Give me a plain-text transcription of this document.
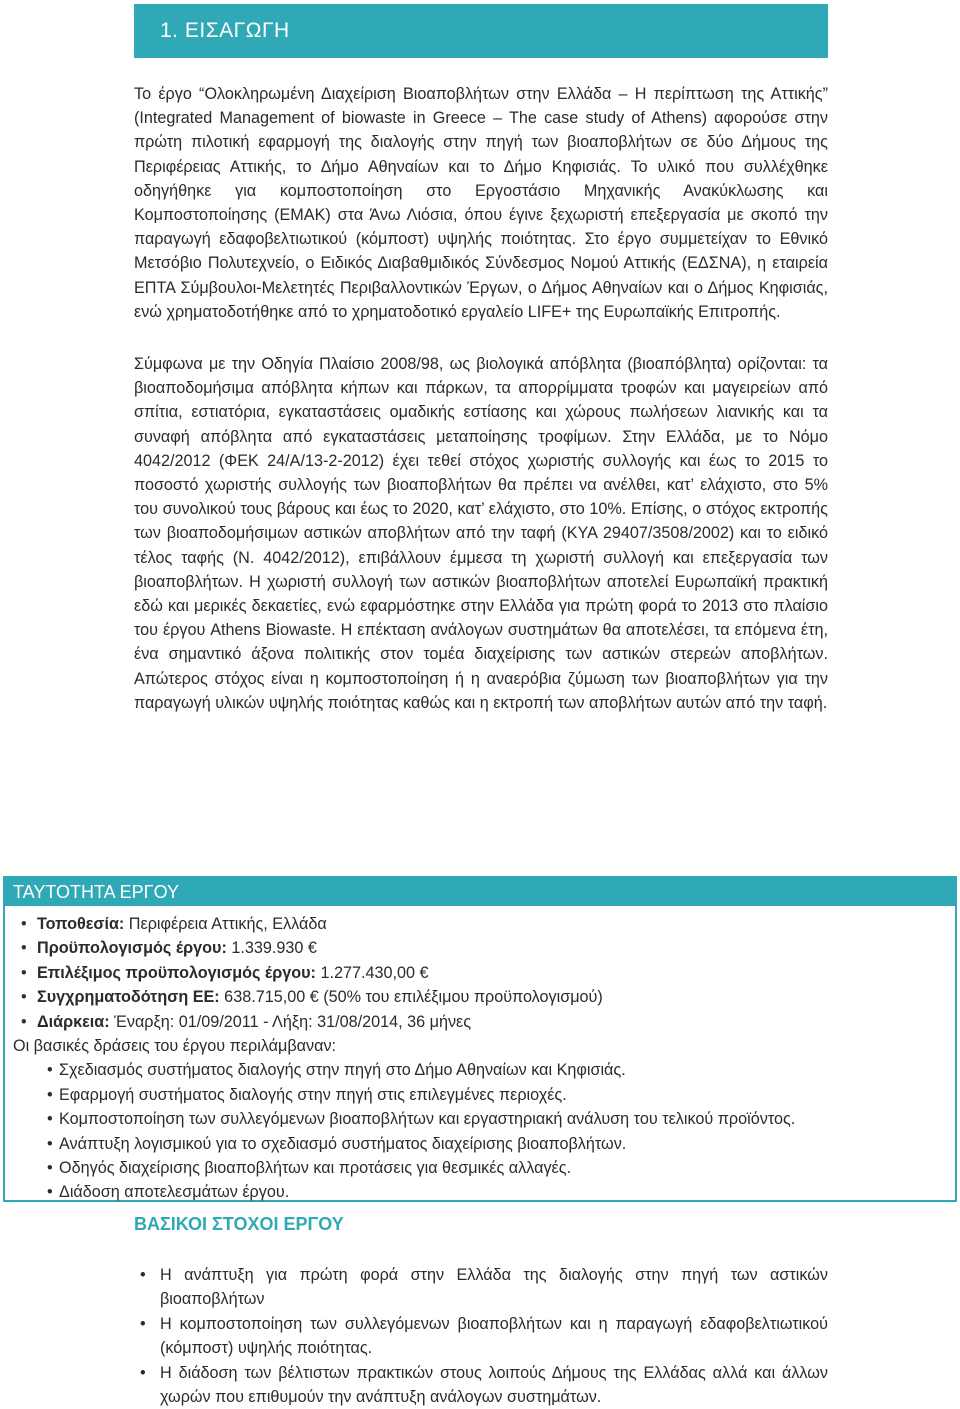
1. ΕΙΣΑΓΩΓΗ

Το έργο “Ολοκληρωμένη Διαχείριση Βιοαποβλήτων στην Ελλάδα – Η περίπτωση της Αττικής” (Integrated Management of biowaste in Greece – The case study of Athens) αφορούσε στην πρώτη πιλοτική εφαρμογή της διαλογής στην πηγή των βιοαποβλήτων σε δύο Δήμους της Περιφέρειας Αττικής, το Δήμο Αθηναίων και το Δήμο Κηφισιάς. Το υλικό που συλλέχθηκε οδηγήθηκε για κομποστοποίηση στο Εργοστάσιο Μηχανικής Ανακύκλωσης και Κομποστοποίησης (ΕΜΑΚ) στα Άνω Λιόσια, όπου έγινε ξεχωριστή επεξεργασία με σκοπό την παραγωγή εδαφοβελτιωτικού (κόμποστ) υψηλής ποιότητας. Στο έργο συμμετείχαν το Εθνικό Μετσόβιο Πολυτεχνείο, ο Ειδικός Διαβαθμιδικός Σύνδεσμος Νομού Αττικής (ΕΔΣΝΑ), η εταιρεία ΕΠΤΑ Σύμβουλοι-Μελετητές Περιβαλλοντικών Έργων, ο Δήμος Αθηναίων και ο Δήμος Κηφισιάς, ενώ χρηματοδοτήθηκε από το χρηματοδοτικό εργαλείο LIFE+ της Ευρωπαϊκής Επιτροπής.

Σύμφωνα με την Οδηγία Πλαίσιο 2008/98, ως βιολογικά απόβλητα (βιοαπόβλητα) ορίζονται: τα βιοαποδομήσιμα απόβλητα κήπων και πάρκων, τα απορρίμματα τροφών και μαγειρείων από σπίτια, εστιατόρια, εγκαταστάσεις ομαδικής εστίασης και χώρους πωλήσεων λιανικής και τα συναφή απόβλητα από εγκαταστάσεις μεταποίησης τροφίμων. Στην Ελλάδα, με το Νόμο 4042/2012 (ΦΕΚ 24/Α/13-2-2012) έχει τεθεί στόχος χωριστής συλλογής και έως το 2015 το ποσοστό χωριστής συλλογής των βιοαποβλήτων θα πρέπει να ανέλθει, κατ’ ελάχιστο, στο 5% του συνολικού τους βάρους και έως το 2020, κατ’ ελάχιστο, στο 10%. Επίσης, ο στόχος εκτροπής των βιοαποδομήσιμων αστικών αποβλήτων από την ταφή (ΚΥΑ 29407/3508/2002) και το ειδικό τέλος ταφής (Ν. 4042/2012), επιβάλλουν έμμεσα τη χωριστή συλλογή και επεξεργασία των βιοαποβλήτων. Η χωριστή συλλογή των αστικών βιοαποβλήτων αποτελεί Ευρωπαϊκή πρακτική εδώ και μερικές δεκαετίες, ενώ εφαρμόστηκε στην Ελλάδα για πρώτη φορά το 2013 στο πλαίσιο του έργου Athens Biowaste. Η επέκταση ανάλογων συστημάτων θα αποτελέσει, τα επόμενα έτη, ένα σημαντικό άξονα πολιτικής στον τομέα διαχείρισης των αστικών στερεών αποβλήτων. Απώτερος στόχος είναι η κομποστοποίηση ή η αναερόβια ζύμωση των βιοαποβλήτων για την παραγωγή υλικών υψηλής ποιότητας καθώς και η εκτροπή των αποβλήτων αυτών από την ταφή.

ΤΑΥΤΟΤΗΤΑ ΕΡΓΟΥ
• Τοποθεσία: Περιφέρεια Αττικής, Ελλάδα
• Προϋπολογισμός έργου: 1.339.930 €
• Επιλέξιμος προϋπολογισμός έργου: 1.277.430,00 €
• Συγχρηματοδότηση ΕΕ: 638.715,00 € (50% του επιλέξιμου προϋπολογισμού)
• Διάρκεια: Έναρξη: 01/09/2011 - Λήξη: 31/08/2014, 36 μήνες

Οι βασικές δράσεις του έργου περιλάμβαναν:

• Σχεδιασμός συστήματος διαλογής στην πηγή στο Δήμο Αθηναίων και Κηφισιάς.
• Εφαρμογή συστήματος διαλογής στην πηγή στις επιλεγμένες περιοχές.
• Κομποστοποίηση των συλλεγόμενων βιοαποβλήτων και εργαστηριακή ανάλυση του τελικού προϊόντος.
• Ανάπτυξη λογισμικού για το σχεδιασμό συστήματος διαχείρισης βιοαποβλήτων.
• Οδηγός διαχείρισης βιοαποβλήτων και προτάσεις για θεσμικές αλλαγές.
• Διάδοση αποτελεσμάτων έργου.
ΒΑΣΙΚΟΙ ΣΤΟΧΟΙ ΕΡΓΟΥ
• Η ανάπτυξη για πρώτη φορά στην Ελλάδα της διαλογής στην πηγή των αστικών βιοαποβλήτων
• Η κομποστοποίηση των συλλεγόμενων βιοαποβλήτων και η παραγωγή εδαφοβελτιωτικού (κόμποστ) υψηλής ποιότητας.
• Η διάδοση των βέλτιστων πρακτικών στους λοιπούς Δήμους της Ελλάδας αλλά και άλλων χωρών που επιθυμούν την ανάπτυξη ανάλογων συστημάτων.
